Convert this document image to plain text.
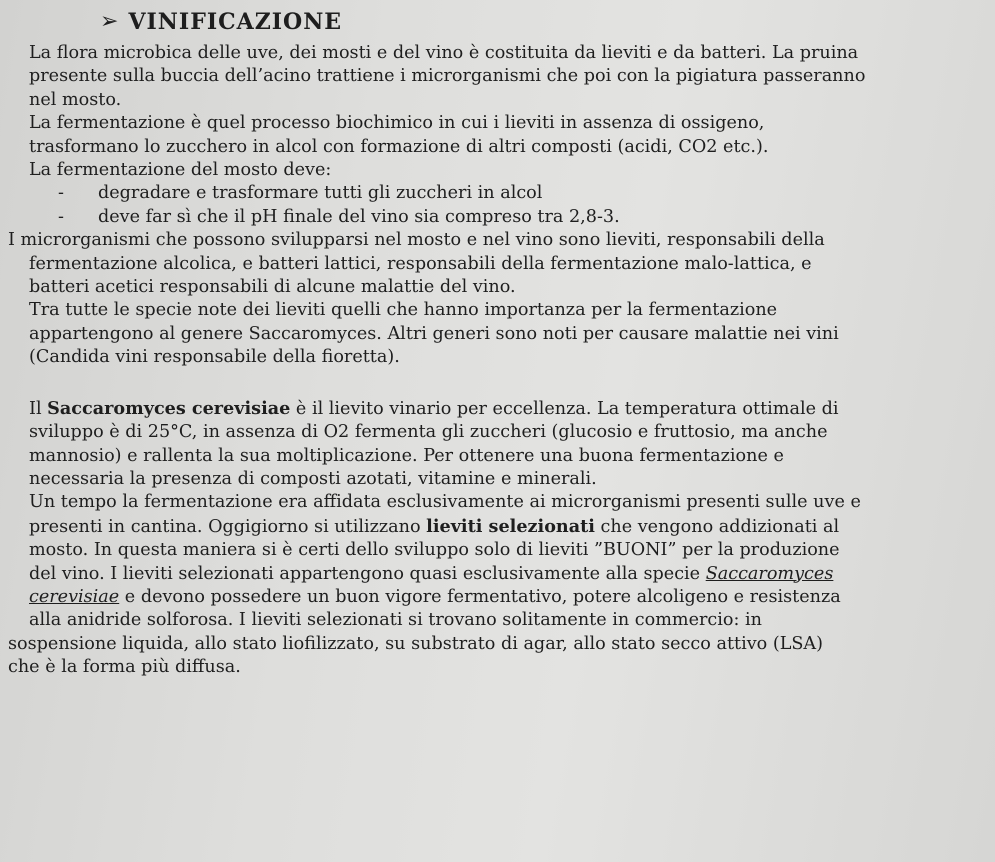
➢ VINIFICAZIONE

La flora microbica delle uve, dei mosti e del vino è costituita da lieviti e da batteri. La pruina

presente sulla buccia dell’acino trattiene i microrganismi che poi con la pigiatura passeranno

nel mosto.

La fermentazione è quel processo biochimico in cui i lieviti in assenza di ossigeno,

trasformano lo zucchero in alcol con formazione di altri composti (acidi, CO2 etc.).

La fermentazione del mosto deve:

-	degradare e trasformare tutti gli zuccheri in alcol
-	deve far sì che il pH finale del vino sia compreso tra 2,8-3.

I microrganismi che possono svilupparsi nel mosto e nel vino sono lieviti, responsabili della

fermentazione alcolica, e batteri lattici, responsabili della fermentazione malo-lattica, e

batteri acetici responsabili di alcune malattie del vino.

Tra tutte le specie note dei lieviti quelli che hanno importanza per la fermentazione

appartengono al genere Saccaromyces. Altri generi sono noti per causare malattie nei vini

(Candida vini responsabile della fioretta).

Il Saccaromyces cerevisiae è il lievito vinario per eccellenza. La temperatura ottimale di

sviluppo è di 25°C, in assenza di O2 fermenta gli zuccheri (glucosio e fruttosio, ma anche

mannosio) e rallenta la sua moltiplicazione. Per ottenere una buona fermentazione e

necessaria la presenza di composti azotati, vitamine e minerali.

Un tempo la fermentazione era affidata esclusivamente ai microrganismi presenti sulle uve e

presenti in cantina. Oggigiorno si utilizzano lieviti selezionati che vengono addizionati al

mosto. In questa maniera si è certi dello sviluppo solo di lieviti ”BUONI” per la produzione

del vino. I lieviti selezionati appartengono quasi esclusivamente alla specie Saccaromyces

cerevisiae e devono possedere un buon vigore fermentativo, potere alcoligeno e resistenza

alla anidride solforosa. I lieviti selezionati si trovano solitamente in commercio: in

sospensione liquida, allo stato liofilizzato, su substrato di agar, allo stato secco attivo (LSA)

che è la forma più diffusa.
